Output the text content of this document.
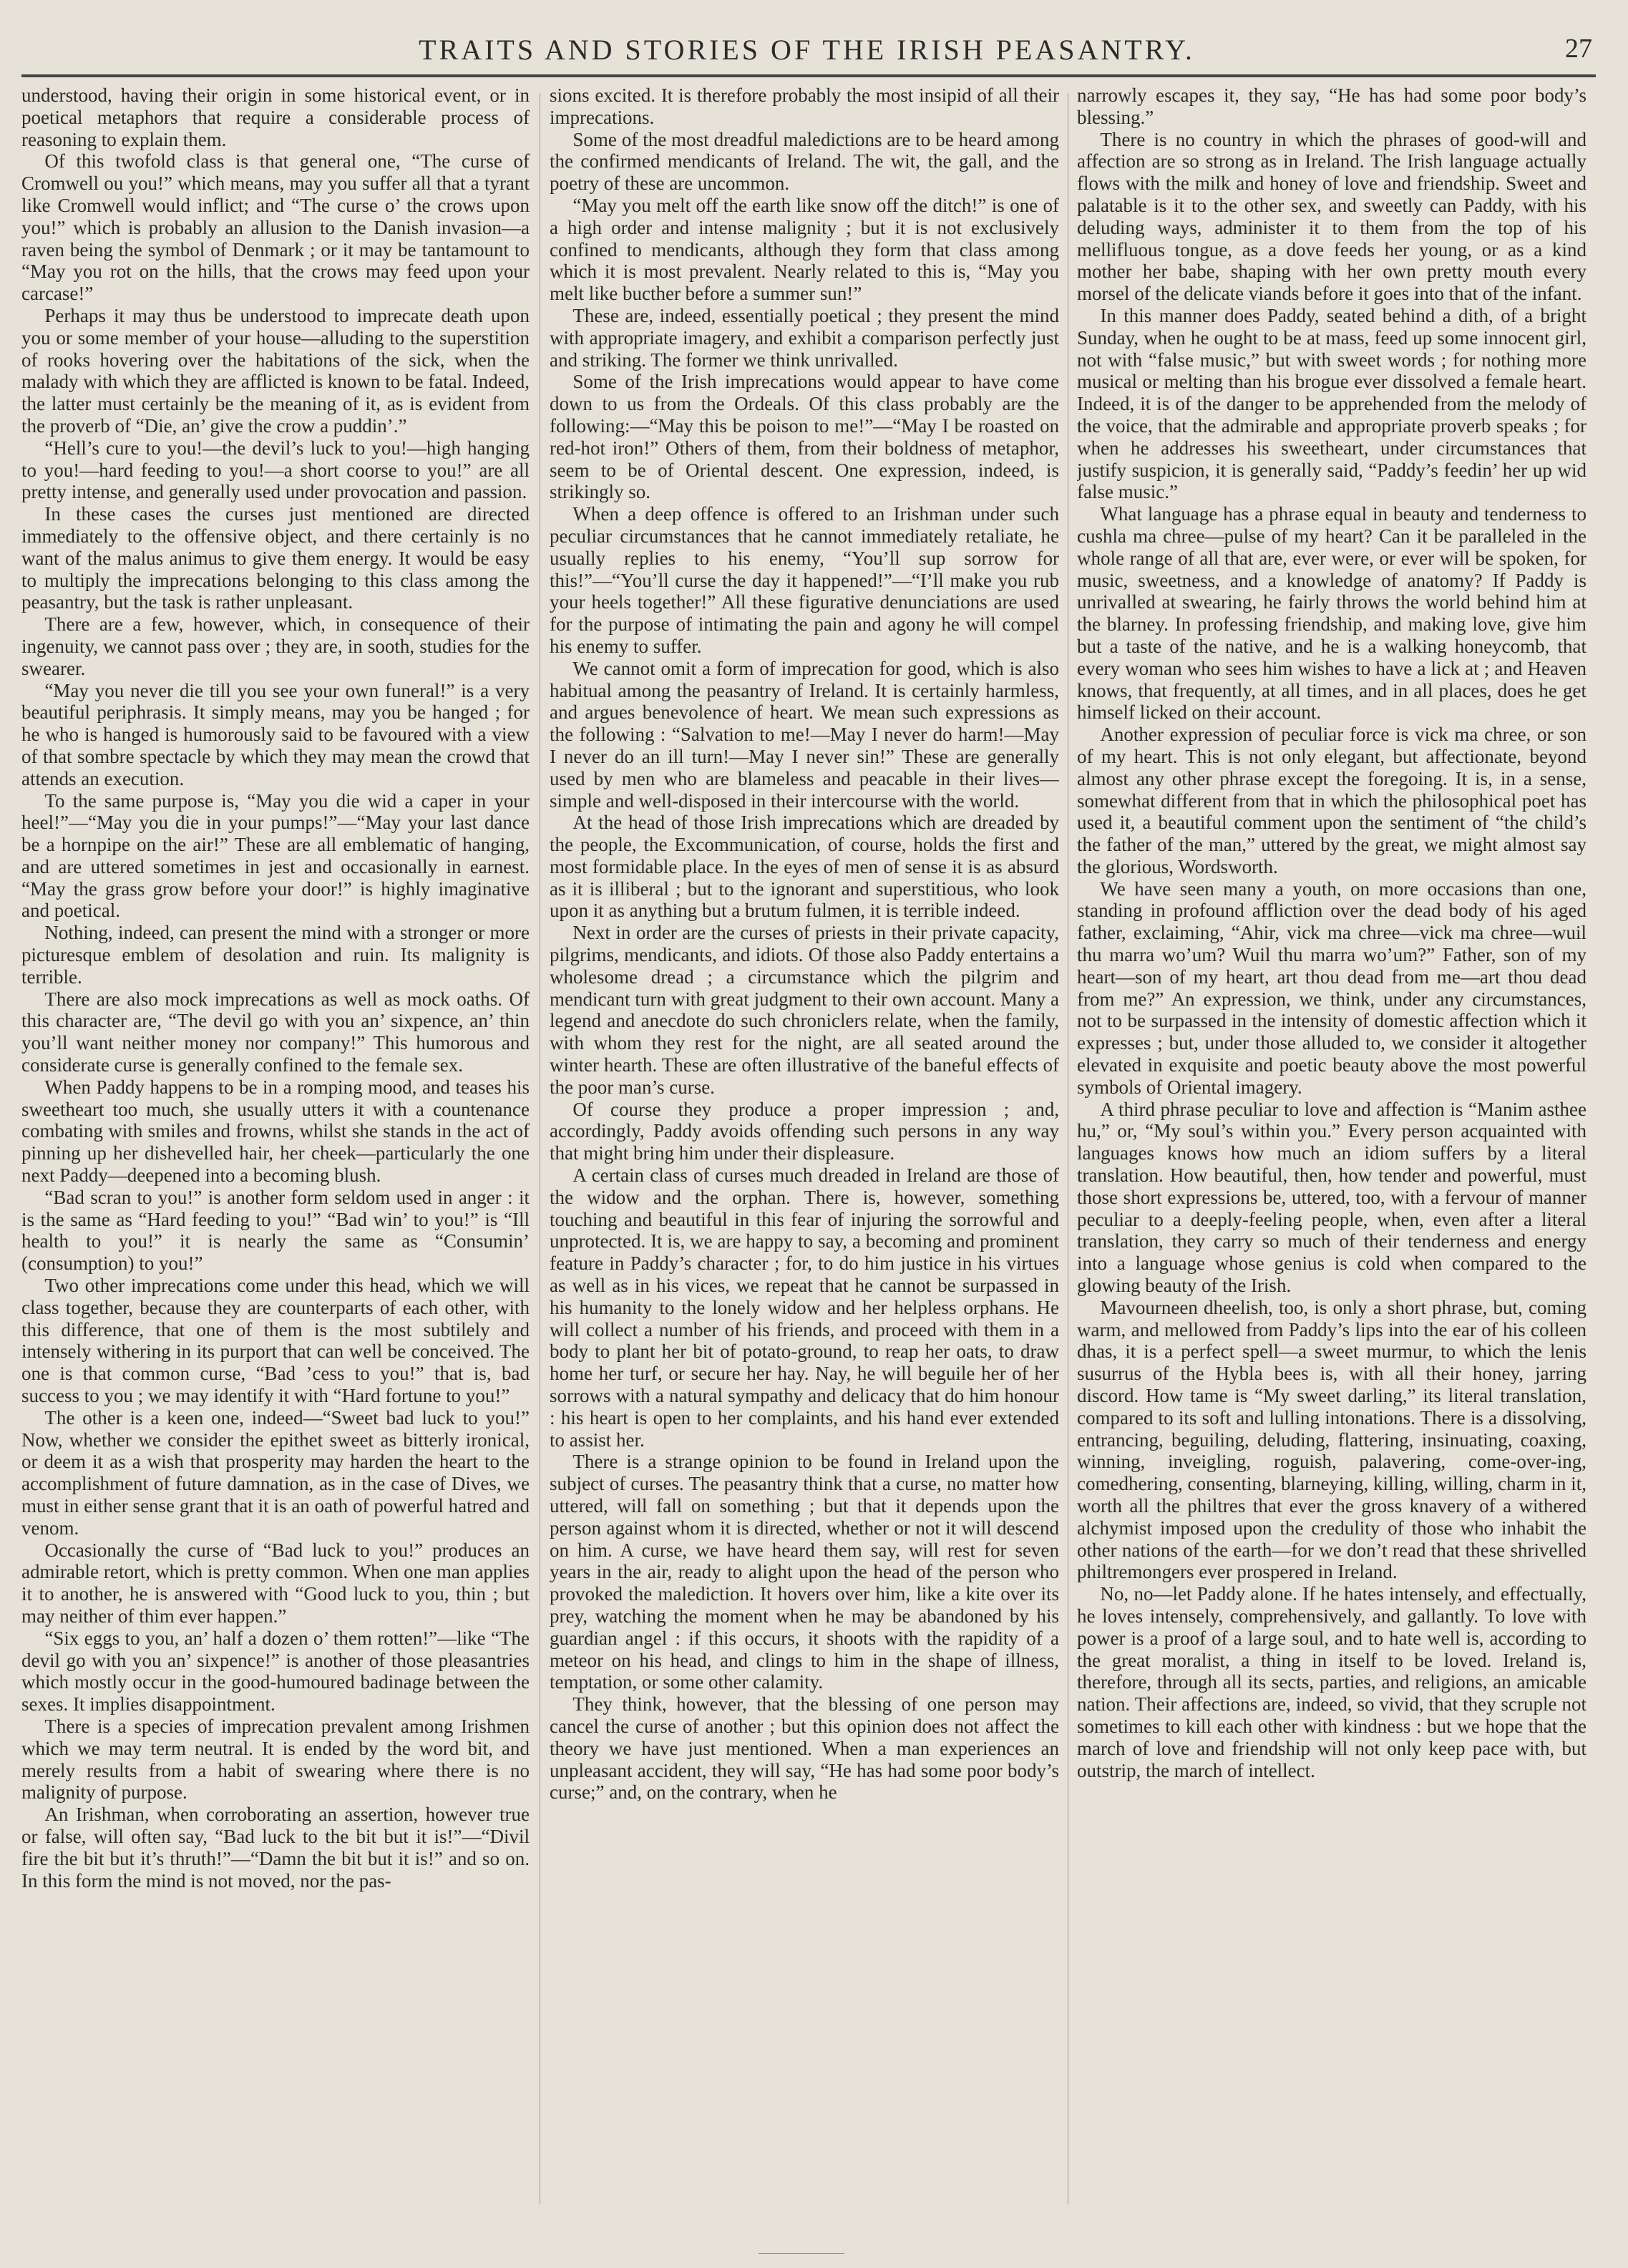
TRAITS AND STORIES OF THE IRISH PEASANTRY.	27

understood, having their origin in some historical event, or in poetical metaphors that require a considerable process of reasoning to explain them.

Of this twofold class is that general one, “The curse of Cromwell ou you!” which means, may you suffer all that a tyrant like Cromwell would inflict; and “The curse o’ the crows upon you!” which is probably an allusion to the Danish invasion—a raven being the symbol of Denmark ; or it may be tantamount to “May you rot on the hills, that the crows may feed upon your carcase!”

Perhaps it may thus be understood to imprecate death upon you or some member of your house—alluding to the superstition of rooks hovering over the habitations of the sick, when the malady with which they are afflicted is known to be fatal. Indeed, the latter must certainly be the meaning of it, as is evident from the proverb of “Die, an’ give the crow a puddin’.”

“Hell’s cure to you!—the devil’s luck to you!—high hanging to you!—hard feeding to you!—a short coorse to you!” are all pretty intense, and generally used under provocation and passion.

In these cases the curses just mentioned are directed immediately to the offensive object, and there certainly is no want of the malus animus to give them energy. It would be easy to multiply the imprecations belonging to this class among the peasantry, but the task is rather unpleasant.

There are a few, however, which, in consequence of their ingenuity, we cannot pass over ; they are, in sooth, studies for the swearer.

“May you never die till you see your own funeral!” is a very beautiful periphrasis. It simply means, may you be hanged ; for he who is hanged is humorously said to be favoured with a view of that sombre spectacle by which they may mean the crowd that attends an execution.

To the same purpose is, “May you die wid a caper in your heel!”—“May you die in your pumps!”—“May your last dance be a hornpipe on the air!” These are all emblematic of hanging, and are uttered sometimes in jest and occasionally in earnest. “May the grass grow before your door!” is highly imaginative and poetical.

Nothing, indeed, can present the mind with a stronger or more picturesque emblem of desolation and ruin. Its malignity is terrible.

There are also mock imprecations as well as mock oaths. Of this character are, “The devil go with you an’ sixpence, an’ thin you’ll want neither money nor company!” This humorous and considerate curse is generally confined to the female sex.

When Paddy happens to be in a romping mood, and teases his sweetheart too much, she usually utters it with a countenance combating with smiles and frowns, whilst she stands in the act of pinning up her dishevelled hair, her cheek—particularly the one next Paddy—deepened into a becoming blush.

“Bad scran to you!” is another form seldom used in anger : it is the same as “Hard feeding to you!” “Bad win’ to you!” is “Ill health to you!” it is nearly the same as “Consumin’ (consumption) to you!”

Two other imprecations come under this head, which we will class together, because they are counterparts of each other, with this difference, that one of them is the most subtilely and intensely withering in its purport that can well be conceived. The one is that common curse, “Bad ’cess to you!” that is, bad success to you ; we may identify it with “Hard fortune to you!”

The other is a keen one, indeed—“Sweet bad luck to you!” Now, whether we consider the epithet sweet as bitterly ironical, or deem it as a wish that prosperity may harden the heart to the accomplishment of future damnation, as in the case of Dives, we must in either sense grant that it is an oath of powerful hatred and venom.

Occasionally the curse of “Bad luck to you!” produces an admirable retort, which is pretty common. When one man applies it to another, he is answered with “Good luck to you, thin ; but may neither of thim ever happen.”

“Six eggs to you, an’ half a dozen o’ them rotten!”—like “The devil go with you an’ sixpence!” is another of those pleasantries which mostly occur in the good-humoured badinage between the sexes. It implies disappointment.

There is a species of imprecation prevalent among Irishmen which we may term neutral. It is ended by the word bit, and merely results from a habit of swearing where there is no malignity of purpose.

An Irishman, when corroborating an assertion, however true or false, will often say, “Bad luck to the bit but it is!”—“Divil fire the bit but it’s thruth!”—“Damn the bit but it is!” and so on. In this form the mind is not moved, nor the pas-

sions excited. It is therefore probably the most insipid of all their imprecations.

Some of the most dreadful maledictions are to be heard among the confirmed mendicants of Ireland. The wit, the gall, and the poetry of these are uncommon.

“May you melt off the earth like snow off the ditch!” is one of a high order and intense malignity ; but it is not exclusively confined to mendicants, although they form that class among which it is most prevalent. Nearly related to this is, “May you melt like bucther before a summer sun!”

These are, indeed, essentially poetical ; they present the mind with appropriate imagery, and exhibit a comparison perfectly just and striking. The former we think unrivalled.

Some of the Irish imprecations would appear to have come down to us from the Ordeals. Of this class probably are the following:—“May this be poison to me!”—“May I be roasted on red-hot iron!” Others of them, from their boldness of metaphor, seem to be of Oriental descent. One expression, indeed, is strikingly so.

When a deep offence is offered to an Irishman under such peculiar circumstances that he cannot immediately retaliate, he usually replies to his enemy, “You’ll sup sorrow for this!”—“You’ll curse the day it happened!”—“I’ll make you rub your heels together!” All these figurative denunciations are used for the purpose of intimating the pain and agony he will compel his enemy to suffer.

We cannot omit a form of imprecation for good, which is also habitual among the peasantry of Ireland. It is certainly harmless, and argues benevolence of heart. We mean such expressions as the following : “Salvation to me!—May I never do harm!—May I never do an ill turn!—May I never sin!” These are generally used by men who are blameless and peacable in their lives—simple and well-disposed in their intercourse with the world.

At the head of those Irish imprecations which are dreaded by the people, the Excommunication, of course, holds the first and most formidable place. In the eyes of men of sense it is as absurd as it is illiberal ; but to the ignorant and superstitious, who look upon it as anything but a brutum fulmen, it is terrible indeed.

Next in order are the curses of priests in their private capacity, pilgrims, mendicants, and idiots. Of those also Paddy entertains a wholesome dread ; a circumstance which the pilgrim and mendicant turn with great judgment to their own account. Many a legend and anecdote do such chroniclers relate, when the family, with whom they rest for the night, are all seated around the winter hearth. These are often illustrative of the baneful effects of the poor man’s curse.

Of course they produce a proper impression ; and, accordingly, Paddy avoids offending such persons in any way that might bring him under their displeasure.

A certain class of curses much dreaded in Ireland are those of the widow and the orphan. There is, however, something touching and beautiful in this fear of injuring the sorrowful and unprotected. It is, we are happy to say, a becoming and prominent feature in Paddy’s character ; for, to do him justice in his virtues as well as in his vices, we repeat that he cannot be surpassed in his humanity to the lonely widow and her helpless orphans. He will collect a number of his friends, and proceed with them in a body to plant her bit of potato-ground, to reap her oats, to draw home her turf, or secure her hay. Nay, he will beguile her of her sorrows with a natural sympathy and delicacy that do him honour : his heart is open to her complaints, and his hand ever extended to assist her.

There is a strange opinion to be found in Ireland upon the subject of curses. The peasantry think that a curse, no matter how uttered, will fall on something ; but that it depends upon the person against whom it is directed, whether or not it will descend on him. A curse, we have heard them say, will rest for seven years in the air, ready to alight upon the head of the person who provoked the malediction. It hovers over him, like a kite over its prey, watching the moment when he may be abandoned by his guardian angel : if this occurs, it shoots with the rapidity of a meteor on his head, and clings to him in the shape of illness, temptation, or some other calamity.

They think, however, that the blessing of one person may cancel the curse of another ; but this opinion does not affect the theory we have just mentioned. When a man experiences an unpleasant accident, they will say, “He has had some poor body’s curse;” and, on the contrary, when he

narrowly escapes it, they say, “He has had some poor body’s blessing.”

There is no country in which the phrases of good-will and affection are so strong as in Ireland. The Irish language actually flows with the milk and honey of love and friendship. Sweet and palatable is it to the other sex, and sweetly can Paddy, with his deluding ways, administer it to them from the top of his mellifluous tongue, as a dove feeds her young, or as a kind mother her babe, shaping with her own pretty mouth every morsel of the delicate viands before it goes into that of the infant.

In this manner does Paddy, seated behind a dith, of a bright Sunday, when he ought to be at mass, feed up some innocent girl, not with “false music,” but with sweet words ; for nothing more musical or melting than his brogue ever dissolved a female heart. Indeed, it is of the danger to be apprehended from the melody of the voice, that the admirable and appropriate proverb speaks ; for when he addresses his sweetheart, under circumstances that justify suspicion, it is generally said, “Paddy’s feedin’ her up wid false music.”

What language has a phrase equal in beauty and tenderness to cushla ma chree—pulse of my heart? Can it be paralleled in the whole range of all that are, ever were, or ever will be spoken, for music, sweetness, and a knowledge of anatomy? If Paddy is unrivalled at swearing, he fairly throws the world behind him at the blarney. In professing friendship, and making love, give him but a taste of the native, and he is a walking honeycomb, that every woman who sees him wishes to have a lick at ; and Heaven knows, that frequently, at all times, and in all places, does he get himself licked on their account.

Another expression of peculiar force is vick ma chree, or son of my heart. This is not only elegant, but affectionate, beyond almost any other phrase except the foregoing. It is, in a sense, somewhat different from that in which the philosophical poet has used it, a beautiful comment upon the sentiment of “the child’s the father of the man,” uttered by the great, we might almost say the glorious, Wordsworth.

We have seen many a youth, on more occasions than one, standing in profound affliction over the dead body of his aged father, exclaiming, “Ahir, vick ma chree—vick ma chree—wuil thu marra wo’um? Wuil thu marra wo’um?” Father, son of my heart—son of my heart, art thou dead from me—art thou dead from me?” An expression, we think, under any circumstances, not to be surpassed in the intensity of domestic affection which it expresses ; but, under those alluded to, we consider it altogether elevated in exquisite and poetic beauty above the most powerful symbols of Oriental imagery.

A third phrase peculiar to love and affection is “Manim asthee hu,” or, “My soul’s within you.” Every person acquainted with languages knows how much an idiom suffers by a literal translation. How beautiful, then, how tender and powerful, must those short expressions be, uttered, too, with a fervour of manner peculiar to a deeply-feeling people, when, even after a literal translation, they carry so much of their tenderness and energy into a language whose genius is cold when compared to the glowing beauty of the Irish.

Mavourneen dheelish, too, is only a short phrase, but, coming warm, and mellowed from Paddy’s lips into the ear of his colleen dhas, it is a perfect spell—a sweet murmur, to which the lenis susurrus of the Hybla bees is, with all their honey, jarring discord. How tame is “My sweet darling,” its literal translation, compared to its soft and lulling intonations. There is a dissolving, entrancing, beguiling, deluding, flattering, insinuating, coaxing, winning, inveigling, roguish, palavering, come-over-ing, comedhering, consenting, blarneying, killing, willing, charm in it, worth all the philtres that ever the gross knavery of a withered alchymist imposed upon the credulity of those who inhabit the other nations of the earth—for we don’t read that these shrivelled philtremongers ever prospered in Ireland.

No, no—let Paddy alone. If he hates intensely, and effectually, he loves intensely, comprehensively, and gallantly. To love with power is a proof of a large soul, and to hate well is, according to the great moralist, a thing in itself to be loved. Ireland is, therefore, through all its sects, parties, and religions, an amicable nation. Their affections are, indeed, so vivid, that they scruple not sometimes to kill each other with kindness : but we hope that the march of love and friendship will not only keep pace with, but outstrip, the march of intellect.
